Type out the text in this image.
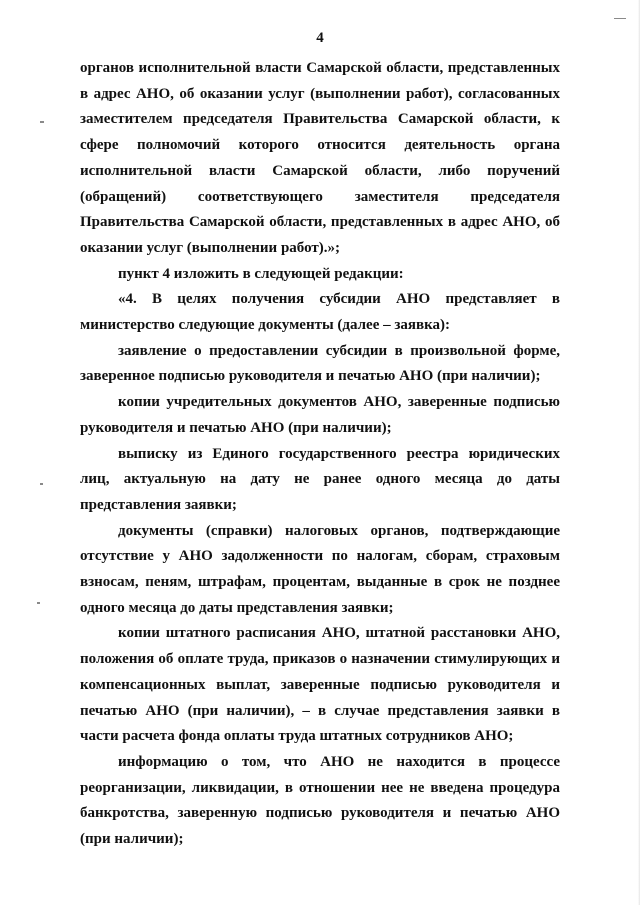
4

органов исполнительной власти Самарской области, представленных в адрес АНО, об оказании услуг (выполнении работ), согласованных заместителем председателя Правительства Самарской области, к сфере полномочий которого относится деятельность органа исполнительной власти Самарской области, либо поручений (обращений) соответствующего заместителя председателя Правительства Самарской области, представленных в адрес АНО, об оказании услуг (выполнении работ).»;

пункт 4 изложить в следующей редакции:

«4. В целях получения субсидии АНО представляет в министерство следующие документы (далее – заявка):

заявление о предоставлении субсидии в произвольной форме, заверенное подписью руководителя и печатью АНО (при наличии);

копии учредительных документов АНО, заверенные подписью руководителя и печатью АНО (при наличии);

выписку из Единого государственного реестра юридических лиц, актуальную на дату не ранее одного месяца до даты представления заявки;

документы (справки) налоговых органов, подтверждающие отсутствие у АНО задолженности по налогам, сборам, страховым взносам, пеням, штрафам, процентам, выданные в срок не позднее одного месяца до даты представления заявки;

копии штатного расписания АНО, штатной расстановки АНО, положения об оплате труда, приказов о назначении стимулирующих и компенсационных выплат, заверенные подписью руководителя и печатью АНО (при наличии), – в случае представления заявки в части расчета фонда оплаты труда штатных сотрудников АНО;

информацию о том, что АНО не находится в процессе реорганизации, ликвидации, в отношении нее не введена процедура банкротства, заверенную подписью руководителя и печатью АНО (при наличии);
